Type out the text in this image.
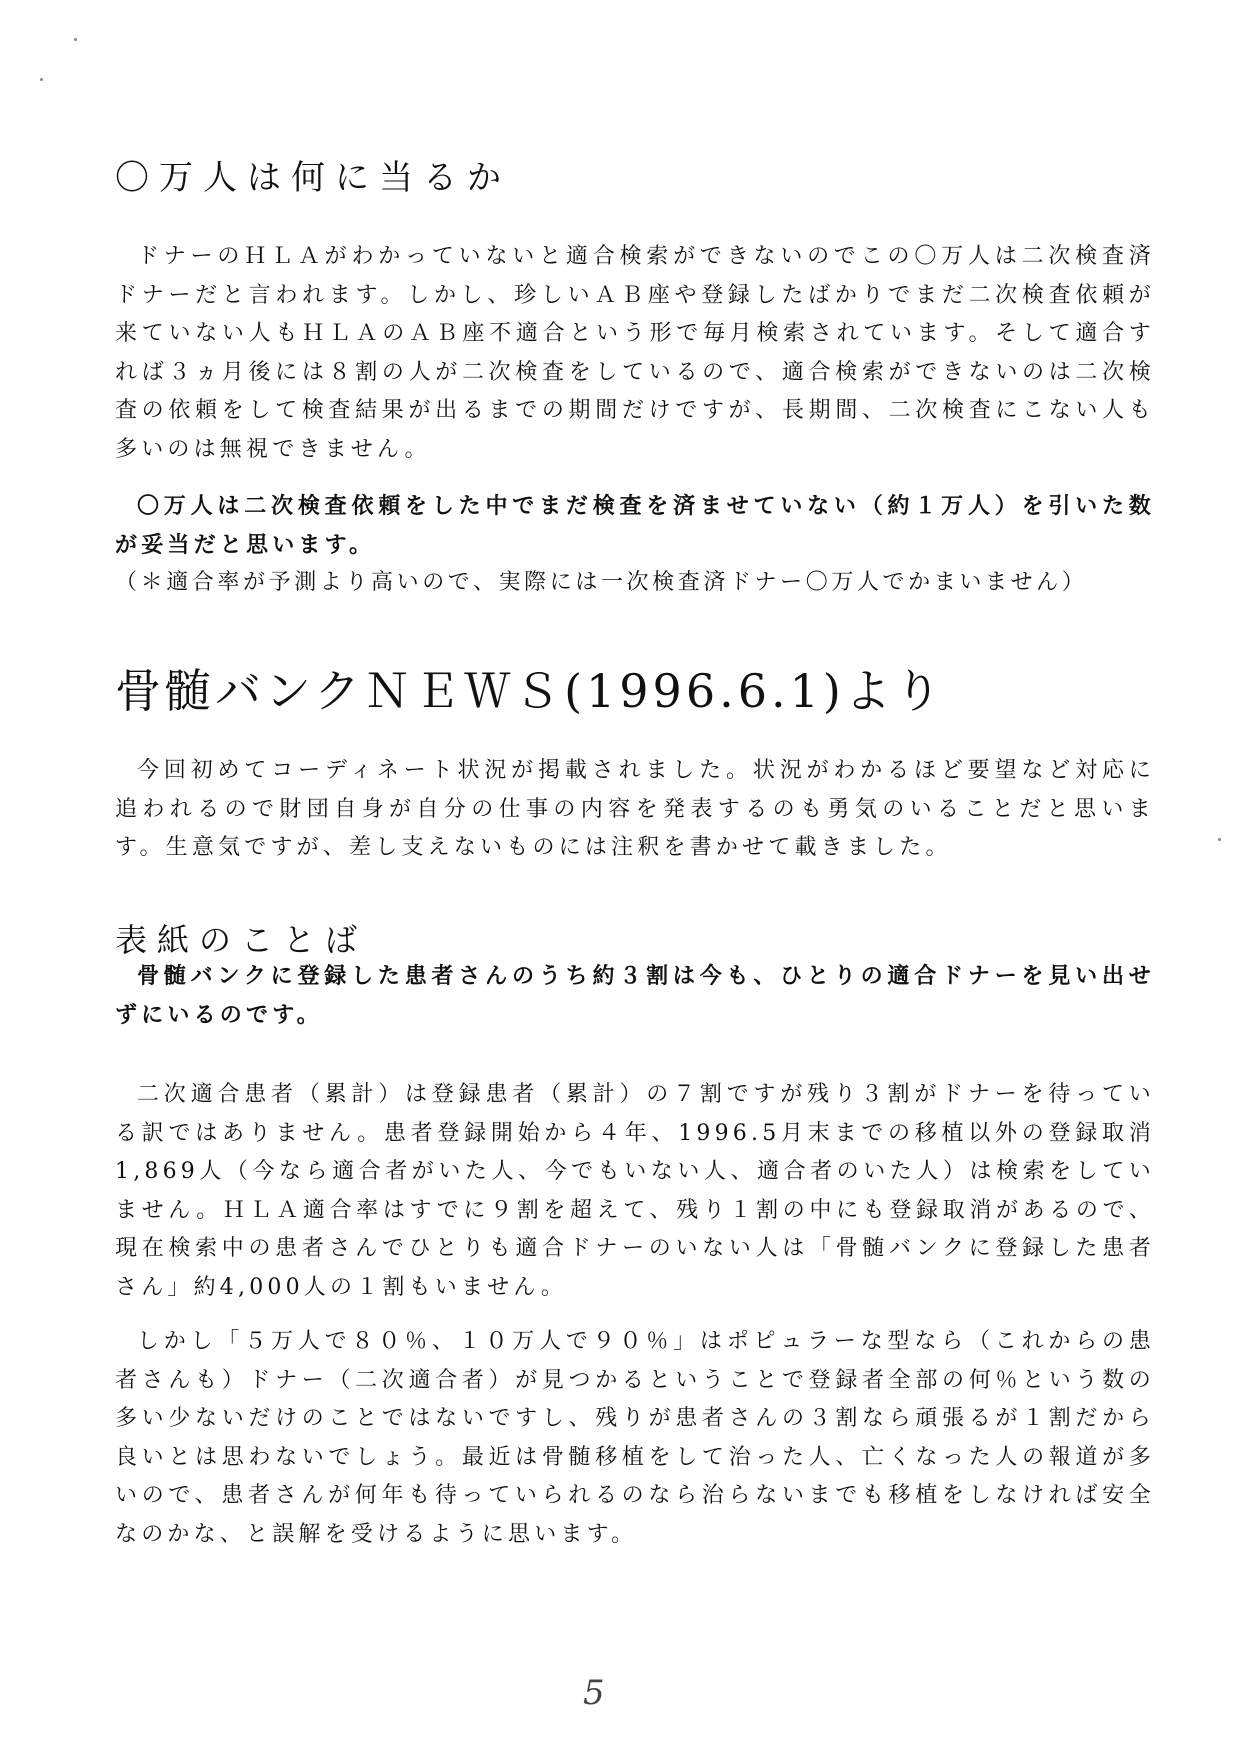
〇万人は何に当るか

ドナーのＨＬＡがわかっていないと適合検索ができないのでこの〇万人は二次検査済ドナーだと言われます。しかし、珍しいＡＢ座や登録したばかりでまだ二次検査依頼が来ていない人もＨＬＡのＡＢ座不適合という形で毎月検索されています。そして適合すれば３ヵ月後には８割の人が二次検査をしているので、適合検索ができないのは二次検査の依頼をして検査結果が出るまでの期間だけですが、長期間、二次検査にこない人も多いのは無視できません。

〇万人は二次検査依頼をした中でまだ検査を済ませていない（約１万人）を引いた数が妥当だと思います。

（＊適合率が予測より高いので、実際には一次検査済ドナー〇万人でかまいません）

骨髄バンクＮＥＷＳ(1996.6.1)より

今回初めてコーディネート状況が掲載されました。状況がわかるほど要望など対応に追われるので財団自身が自分の仕事の内容を発表するのも勇気のいることだと思います。生意気ですが、差し支えないものには注釈を書かせて載きました。

表紙のことば

骨髄バンクに登録した患者さんのうち約３割は今も、ひとりの適合ドナーを見い出せずにいるのです。

二次適合患者（累計）は登録患者（累計）の７割ですが残り３割がドナーを待っている訳ではありません。患者登録開始から４年、1996.5月末までの移植以外の登録取消1,869人（今なら適合者がいた人、今でもいない人、適合者のいた人）は検索をしていません。ＨＬＡ適合率はすでに９割を超えて、残り１割の中にも登録取消があるので、現在検索中の患者さんでひとりも適合ドナーのいない人は「骨髄バンクに登録した患者さん」約4,000人の１割もいません。

しかし「５万人で８０％、１０万人で９０％」はポピュラーな型なら（これからの患者さんも）ドナー（二次適合者）が見つかるということで登録者全部の何％という数の多い少ないだけのことではないですし、残りが患者さんの３割なら頑張るが１割だから良いとは思わないでしょう。最近は骨髄移植をして治った人、亡くなった人の報道が多いので、患者さんが何年も待っていられるのなら治らないまでも移植をしなければ安全なのかな、と誤解を受けるように思います。

5
